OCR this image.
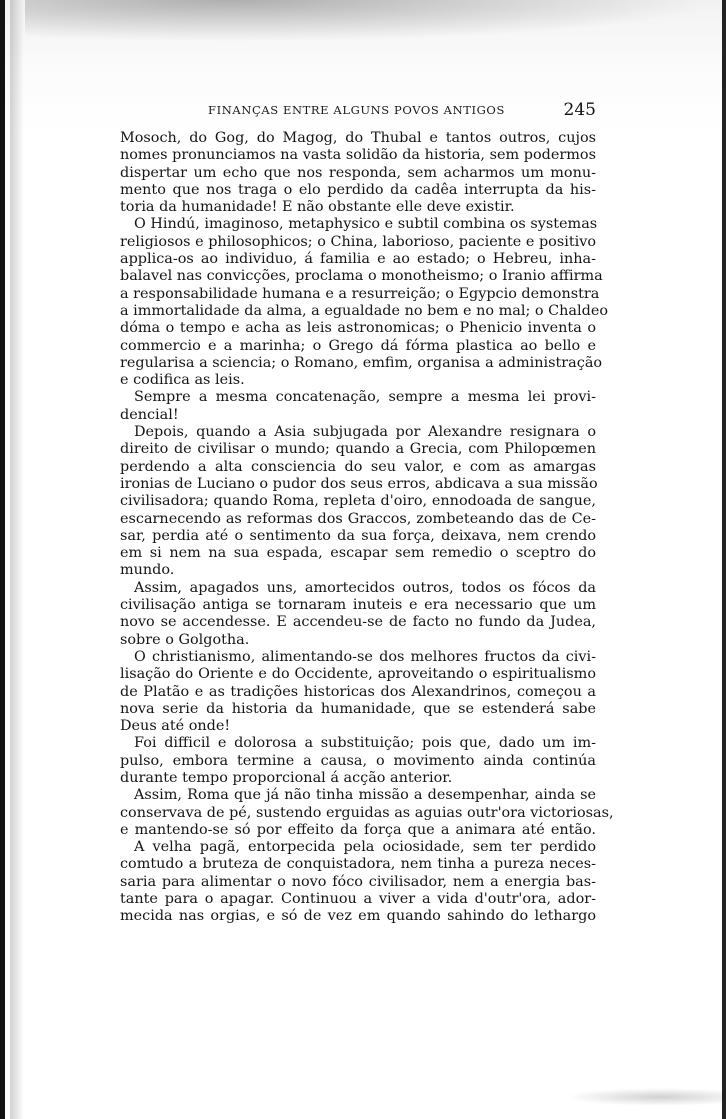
FINANÇAS ENTRE ALGUNS POVOS ANTIGOS	245
Mosoch, do Gog, do Magog, do Thubal e tantos outros, cujos
nomes pronunciamos na vasta solidão da historia, sem podermos
dispertar um echo que nos responda, sem acharmos um monu-
mento que nos traga o elo perdido da cadêa interrupta da his-
toria da humanidade! E não obstante elle deve existir.
O Hindú, imaginoso, metaphysico e subtil combina os systemas
religiosos e philosophicos; o China, laborioso, paciente e positivo
applica-os ao individuo, á familia e ao estado; o Hebreu, inha-
balavel nas convicções, proclama o monotheismo; o Iranio affirma
a responsabilidade humana e a resurreição; o Egypcio demonstra
a immortalidade da alma, a egualdade no bem e no mal; o Chaldeo
dóma o tempo e acha as leis astronomicas; o Phenicio inventa o
commercio e a marinha; o Grego dá fórma plastica ao bello e
regularisa a sciencia; o Romano, emfim, organisa a administração
e codifica as leis.
Sempre a mesma concatenação, sempre a mesma lei provi-
dencial!
Depois, quando a Asia subjugada por Alexandre resignara o
direito de civilisar o mundo; quando a Grecia, com Philopœmen
perdendo a alta consciencia do seu valor, e com as amargas
ironias de Luciano o pudor dos seus erros, abdicava a sua missão
civilisadora; quando Roma, repleta d'oiro, ennodoada de sangue,
escarnecendo as reformas dos Graccos, zombeteando das de Ce-
sar, perdia até o sentimento da sua força, deixava, nem crendo
em si nem na sua espada, escapar sem remedio o sceptro do
mundo.
Assim, apagados uns, amortecidos outros, todos os fócos da
civilisação antiga se tornaram inuteis e era necessario que um
novo se accendesse. E accendeu-se de facto no fundo da Judea,
sobre o Golgotha.
O christianismo, alimentando-se dos melhores fructos da civi-
lisação do Oriente e do Occidente, aproveitando o espiritualismo
de Platão e as tradições historicas dos Alexandrinos, começou a
nova serie da historia da humanidade, que se estenderá sabe
Deus até onde!
Foi difficil e dolorosa a substituição; pois que, dado um im-
pulso, embora termine a causa, o movimento ainda continúa
durante tempo proporcional á acção anterior.
Assim, Roma que já não tinha missão a desempenhar, ainda se
conservava de pé, sustendo erguidas as aguias outr'ora victoriosas,
e mantendo-se só por effeito da força que a animara até então.
A velha pagã, entorpecida pela ociosidade, sem ter perdido
comtudo a bruteza de conquistadora, nem tinha a pureza neces-
saria para alimentar o novo fóco civilisador, nem a energia bas-
tante para o apagar. Continuou a viver a vida d'outr'ora, ador-
mecida nas orgias, e só de vez em quando sahindo do lethargo
